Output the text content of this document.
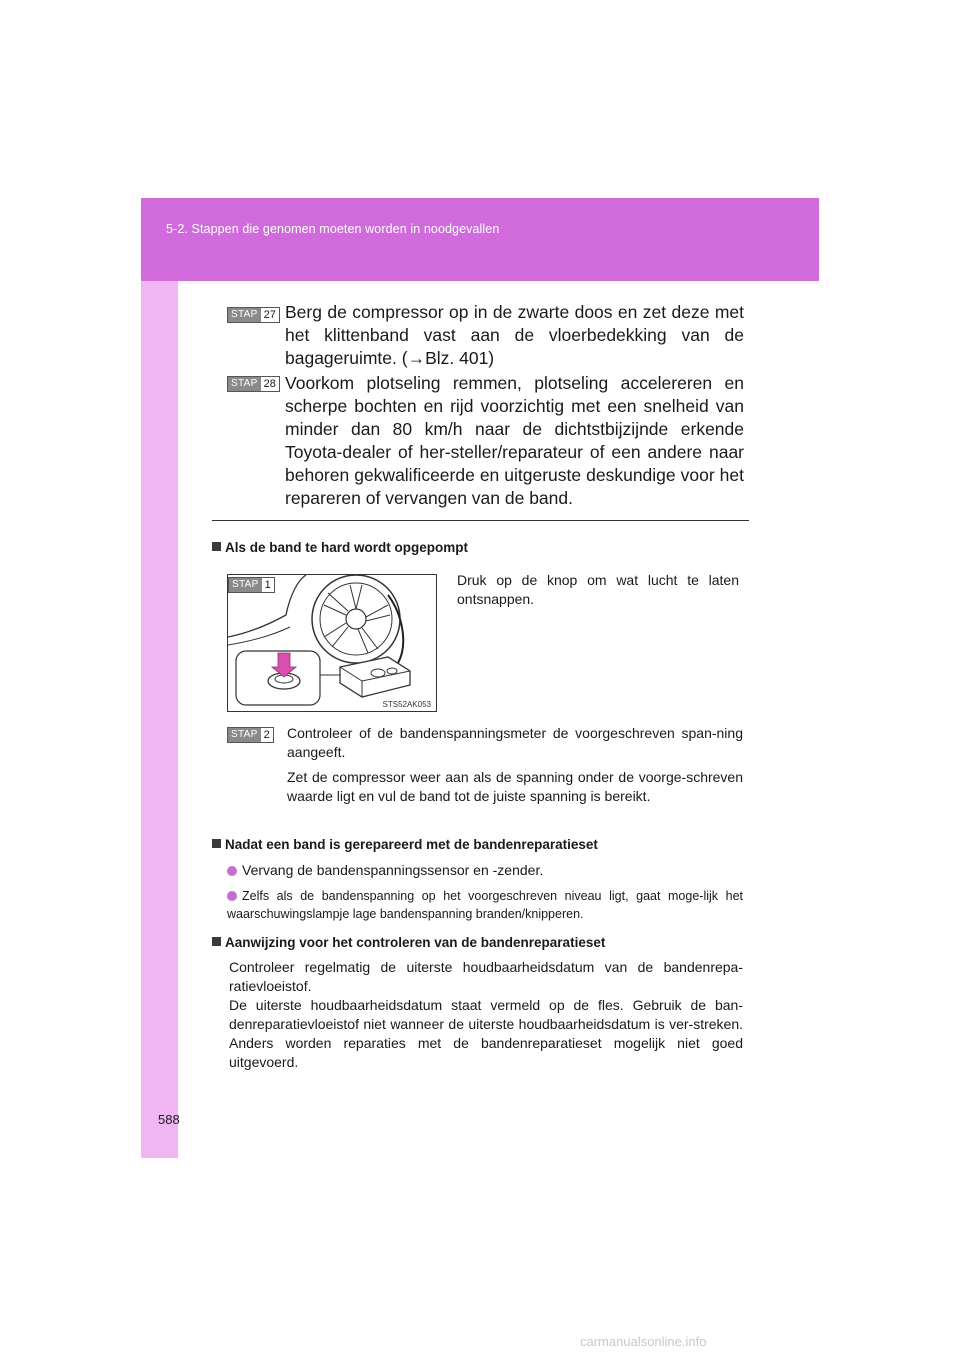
5-2. Stappen die genomen moeten worden in noodgevallen
588
STAP 27 Berg de compressor op in de zwarte doos en zet deze met het klittenband vast aan de vloerbedekking van de bagageruimte. (→Blz. 401)
STAP 28 Voorkom plotseling remmen, plotseling accelereren en scherpe bochten en rijd voorzichtig met een snelheid van minder dan 80 km/h naar de dichtstbijzijnde erkende Toyota-dealer of her-steller/reparateur of een andere naar behoren gekwalificeerde en uitgeruste deskundige voor het repareren of vervangen van de band.
Als de band te hard wordt opgepompt
STAP 1
STS52AK053
Druk op de knop om wat lucht te laten ontsnappen.
STAP 2 Controleer of de bandenspanningsmeter de voorgeschreven span-ning aangeeft.
Zet de compressor weer aan als de spanning onder de voorge-schreven waarde ligt en vul de band tot de juiste spanning is bereikt.
Nadat een band is gerepareerd met de bandenreparatieset
Vervang de bandenspanningssensor en -zender.
Zelfs als de bandenspanning op het voorgeschreven niveau ligt, gaat moge-lijk het waarschuwingslampje lage bandenspanning branden/knipperen.
Aanwijzing voor het controleren van de bandenreparatieset
Controleer regelmatig de uiterste houdbaarheidsdatum van de bandenrepa-ratievloeistof.
De uiterste houdbaarheidsdatum staat vermeld op de fles. Gebruik de ban-denreparatievloeistof niet wanneer de uiterste houdbaarheidsdatum is ver-streken. Anders worden reparaties met de bandenreparatieset mogelijk niet goed uitgevoerd.
carmanualsonline.info
